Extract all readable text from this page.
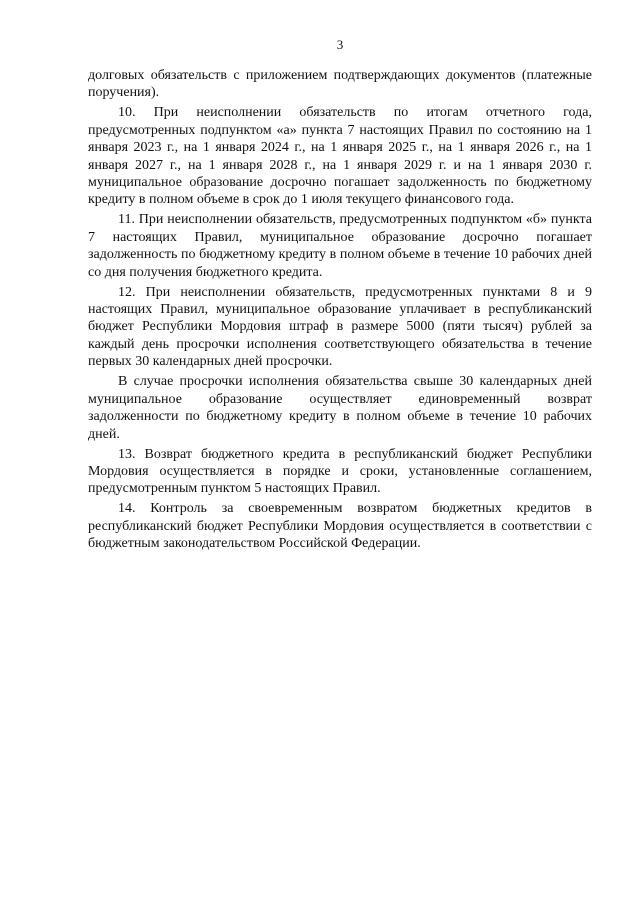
3

долговых обязательств с приложением подтверждающих документов (платежные поручения).

10. При неисполнении обязательств по итогам отчетного года, предусмотренных подпунктом «а» пункта 7 настоящих Правил по состоянию на 1 января 2023 г., на 1 января 2024 г., на 1 января 2025 г., на 1 января 2026 г., на 1 января 2027 г., на 1 января 2028 г., на 1 января 2029 г. и на 1 января 2030 г. муниципальное образование досрочно погашает задолженность по бюджетному кредиту в полном объеме в срок до 1 июля текущего финансового года.

11. При неисполнении обязательств, предусмотренных подпунктом «б» пункта 7 настоящих Правил, муниципальное образование досрочно погашает задолженность по бюджетному кредиту в полном объеме в течение 10 рабочих дней со дня получения бюджетного кредита.

12. При неисполнении обязательств, предусмотренных пунктами 8 и 9 настоящих Правил, муниципальное образование уплачивает в республиканский бюджет Республики Мордовия штраф в размере 5000 (пяти тысяч) рублей за каждый день просрочки исполнения соответствующего обязательства в течение первых 30 календарных дней просрочки.

В случае просрочки исполнения обязательства свыше 30 календарных дней муниципальное образование осуществляет единовременный возврат задолженности по бюджетному кредиту в полном объеме в течение 10 рабочих дней.

13. Возврат бюджетного кредита в республиканский бюджет Республики Мордовия осуществляется в порядке и сроки, установленные соглашением, предусмотренным пунктом 5 настоящих Правил.

14. Контроль за своевременным возвратом бюджетных кредитов в республиканский бюджет Республики Мордовия осуществляется в соответствии с бюджетным законодательством Российской Федерации.
